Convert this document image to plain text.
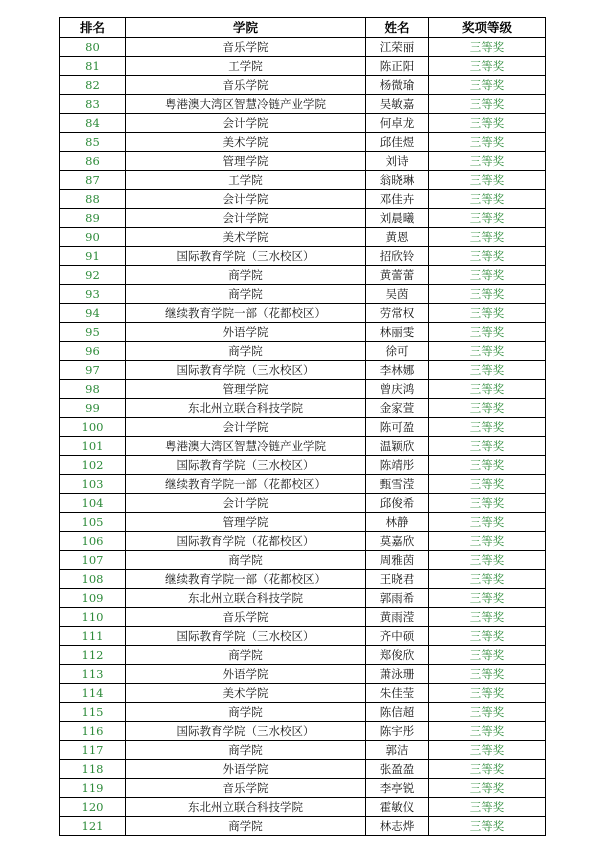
排名	学院	姓名	奖项等级
80	音乐学院	江荣丽	三等奖
81	工学院	陈正阳	三等奖
82	音乐学院	杨微瑜	三等奖
83	粤港澳大湾区智慧冷链产业学院	吴敏嘉	三等奖
84	会计学院	何卓龙	三等奖
85	美术学院	邱佳煜	三等奖
86	管理学院	刘诗	三等奖
87	工学院	翁晓琳	三等奖
88	会计学院	邓佳卉	三等奖
89	会计学院	刘晨曦	三等奖
90	美术学院	黄恩	三等奖
91	国际教育学院（三水校区）	招欣铃	三等奖
92	商学院	黄蕾蕾	三等奖
93	商学院	吴茵	三等奖
94	继续教育学院一部（花都校区）	劳常权	三等奖
95	外语学院	林丽雯	三等奖
96	商学院	徐可	三等奖
97	国际教育学院（三水校区）	李林娜	三等奖
98	管理学院	曾庆鸿	三等奖
99	东北州立联合科技学院	金家萱	三等奖
100	会计学院	陈可盈	三等奖
101	粤港澳大湾区智慧冷链产业学院	温颖欣	三等奖
102	国际教育学院（三水校区）	陈靖彤	三等奖
103	继续教育学院一部（花都校区）	甄雪滢	三等奖
104	会计学院	邱俊希	三等奖
105	管理学院	林静	三等奖
106	国际教育学院（花都校区）	莫嘉欣	三等奖
107	商学院	周雅茵	三等奖
108	继续教育学院一部（花都校区）	王晓君	三等奖
109	东北州立联合科技学院	郭雨希	三等奖
110	音乐学院	黄雨滢	三等奖
111	国际教育学院（三水校区）	齐中硕	三等奖
112	商学院	郑俊欣	三等奖
113	外语学院	萧泳珊	三等奖
114	美术学院	朱佳莹	三等奖
115	商学院	陈信超	三等奖
116	国际教育学院（三水校区）	陈宇彤	三等奖
117	商学院	郭洁	三等奖
118	外语学院	张盈盈	三等奖
119	音乐学院	李亭锐	三等奖
120	东北州立联合科技学院	霍敏仪	三等奖
121	商学院	林志烨	三等奖
